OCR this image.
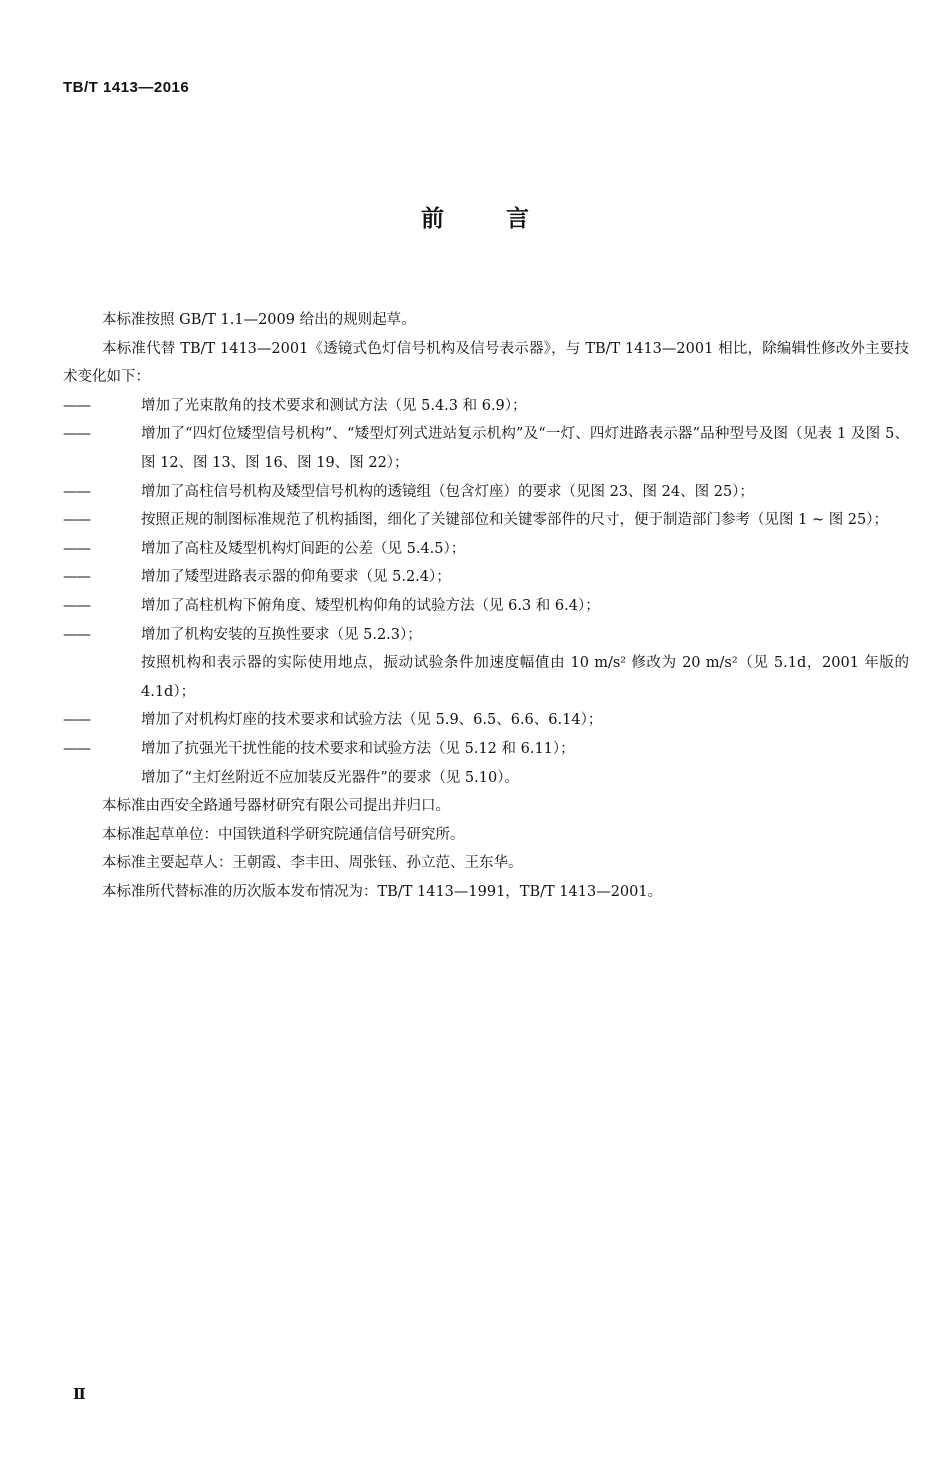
TB/T 1413—2016
前	言

本标准按照 GB/T 1.1—2009 给出的规则起草。

本标准代替 TB/T 1413—2001《透镜式色灯信号机构及信号表示器》，与 TB/T 1413—2001 相比，除编辑性修改外主要技术变化如下：

——	增加了光束散角的技术要求和测试方法（见 5.4.3 和 6.9）；

——	增加了“四灯位矮型信号机构”、“矮型灯列式进站复示机构”及“一灯、四灯进路表示器”品种型号及图（见表 1 及图 5、图 12、图 13、图 16、图 19、图 22）；

——	增加了高柱信号机构及矮型信号机构的透镜组（包含灯座）的要求（见图 23、图 24、图 25）；

——	按照正规的制图标准规范了机构插图，细化了关键部位和关键零部件的尺寸，便于制造部门参考（见图 1 ~ 图 25）；

——	增加了高柱及矮型机构灯间距的公差（见 5.4.5）；

——	增加了矮型进路表示器的仰角要求（见 5.2.4）；

——	增加了高柱机构下俯角度、矮型机构仰角的试验方法（见 6.3 和 6.4）；

——	增加了机构安装的互换性要求（见 5.2.3）；

按照机构和表示器的实际使用地点，振动试验条件加速度幅值由 10 m/s² 修改为 20 m/s²（见 5.1d，2001 年版的 4.1d）；

——	增加了对机构灯座的技术要求和试验方法（见 5.9、6.5、6.6、6.14）；

——	增加了抗强光干扰性能的技术要求和试验方法（见 5.12 和 6.11）；

增加了“主灯丝附近不应加装反光器件”的要求（见 5.10）。

本标准由西安全路通号器材研究有限公司提出并归口。

本标准起草单位：中国铁道科学研究院通信信号研究所。

本标准主要起草人：王朝霞、李丰田、周张钰、孙立范、王东华。

本标准所代替标准的历次版本发布情况为：TB/T 1413—1991，TB/T 1413—2001。

Ⅱ
